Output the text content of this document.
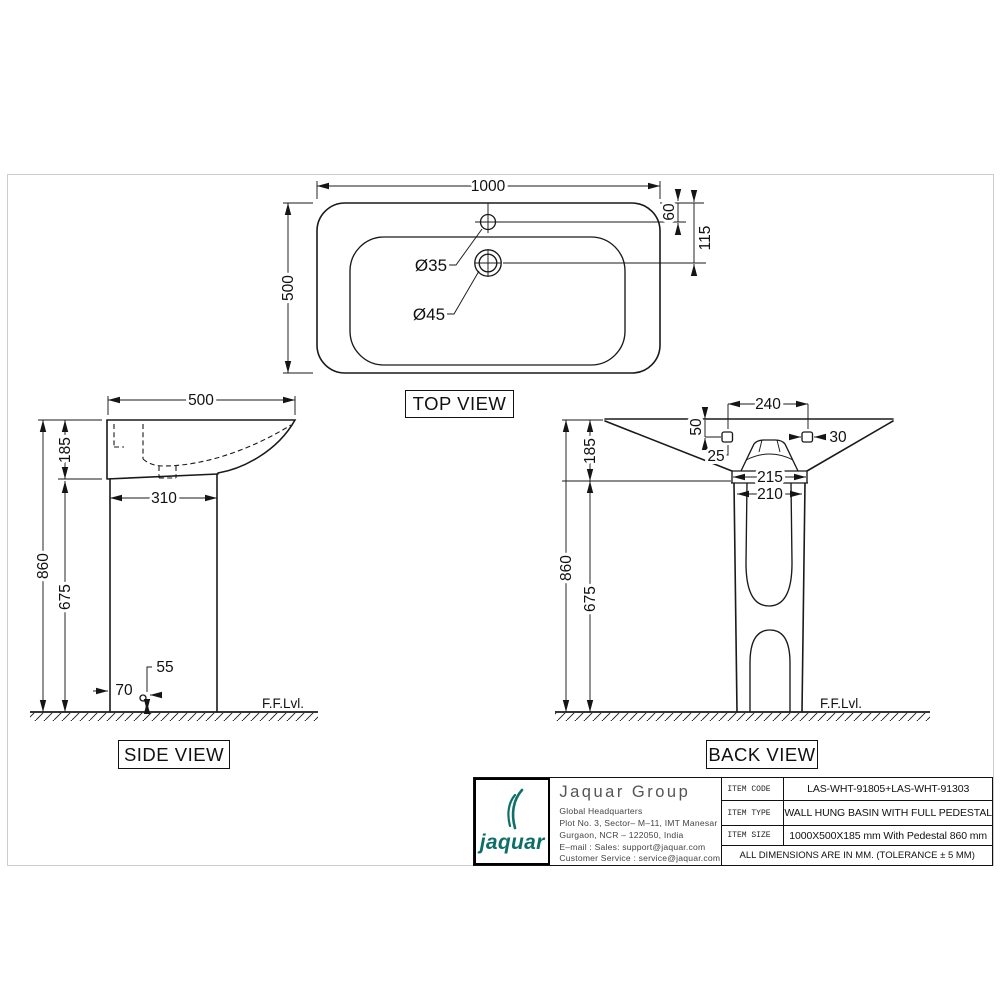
Ø35
Ø45
1000
500
60
115
500
185
860
675
310
70
55
F.F.Lvl.
240
50
25
30
215
210
860
185
675
F.F.Lvl.
TOP VIEW
SIDE VIEW	BACK VIEW
jaquar
Jaquar Group
Global Headquarters
Plot No. 3, Sector– M–11, IMT Manesar
Gurgaon, NCR – 122050, India
E–mail : Sales: support@jaquar.com
Customer Service : service@jaquar.com
ITEM CODE	LAS-WHT-91805+LAS-WHT-91303
ITEM TYPE	WALL HUNG BASIN WITH FULL PEDESTAL
ITEM SIZE	1000X500X185 mm With Pedestal 860 mm
ALL DIMENSIONS ARE IN MM. (TOLERANCE ± 5 MM)
